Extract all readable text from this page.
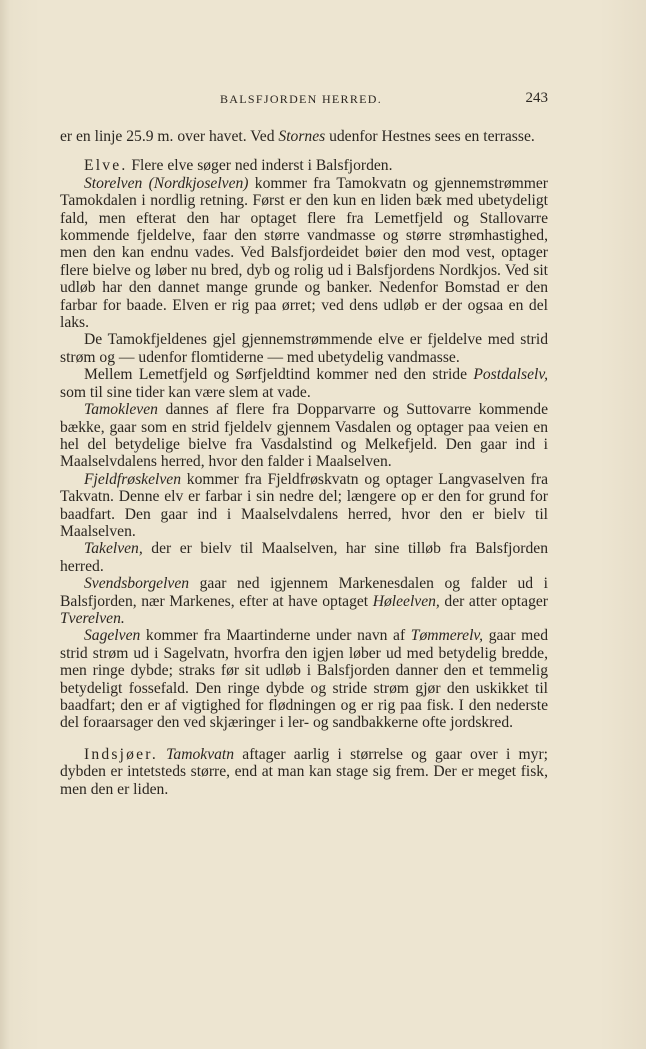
BALSFJORDEN HERRED.	243

er en linje 25.9 m. over havet. Ved Stornes udenfor Hestnes sees en terrasse.

Elve. Flere elve søger ned inderst i Balsfjorden.

Storelven (Nordkjoselven) kommer fra Tamokvatn og gjennemstrømmer Tamokdalen i nordlig retning. Først er den kun en liden bæk med ubetydeligt fald, men efterat den har optaget flere fra Lemetfjeld og Stallovarre kommende fjeldelve, faar den større vandmasse og større strømhastighed, men den kan endnu vades. Ved Balsfjordeidet bøier den mod vest, optager flere bielve og løber nu bred, dyb og rolig ud i Balsfjordens Nordkjos. Ved sit udløb har den dannet mange grunde og banker. Nedenfor Bomstad er den farbar for baade. Elven er rig paa ørret; ved dens udløb er der ogsaa en del laks.

De Tamokfjeldenes gjel gjennemstrømmende elve er fjeldelve med strid strøm og — udenfor flomtiderne — med ubetydelig vandmasse.

Mellem Lemetfjeld og Sørfjeldtind kommer ned den stride Postdalselv, som til sine tider kan være slem at vade.

Tamokleven dannes af flere fra Dopparvarre og Suttovarre kommende bække, gaar som en strid fjeldelv gjennem Vasdalen og optager paa veien en hel del betydelige bielve fra Vasdalstind og Melkefjeld. Den gaar ind i Maalselvdalens herred, hvor den falder i Maalselven.

Fjeldfrøskelven kommer fra Fjeldfrøskvatn og optager Langvaselven fra Takvatn. Denne elv er farbar i sin nedre del; længere op er den for grund for baadfart. Den gaar ind i Maalselvdalens herred, hvor den er bielv til Maalselven.

Takelven, der er bielv til Maalselven, har sine tilløb fra Balsfjorden herred.

Svendsborgelven gaar ned igjennem Markenesdalen og falder ud i Balsfjorden, nær Markenes, efter at have optaget Høleelven, der atter optager Tverelven.

Sagelven kommer fra Maartinderne under navn af Tømmerelv, gaar med strid strøm ud i Sagelvatn, hvorfra den igjen løber ud med betydelig bredde, men ringe dybde; straks før sit udløb i Balsfjorden danner den et temmelig betydeligt fossefald. Den ringe dybde og stride strøm gjør den uskikket til baadfart; den er af vigtighed for flødningen og er rig paa fisk. I den nederste del foraarsager den ved skjæringer i ler- og sandbakkerne ofte jordskred.

Indsjøer. Tamokvatn aftager aarlig i størrelse og gaar over i myr; dybden er intetsteds større, end at man kan stage sig frem. Der er meget fisk, men den er liden.
